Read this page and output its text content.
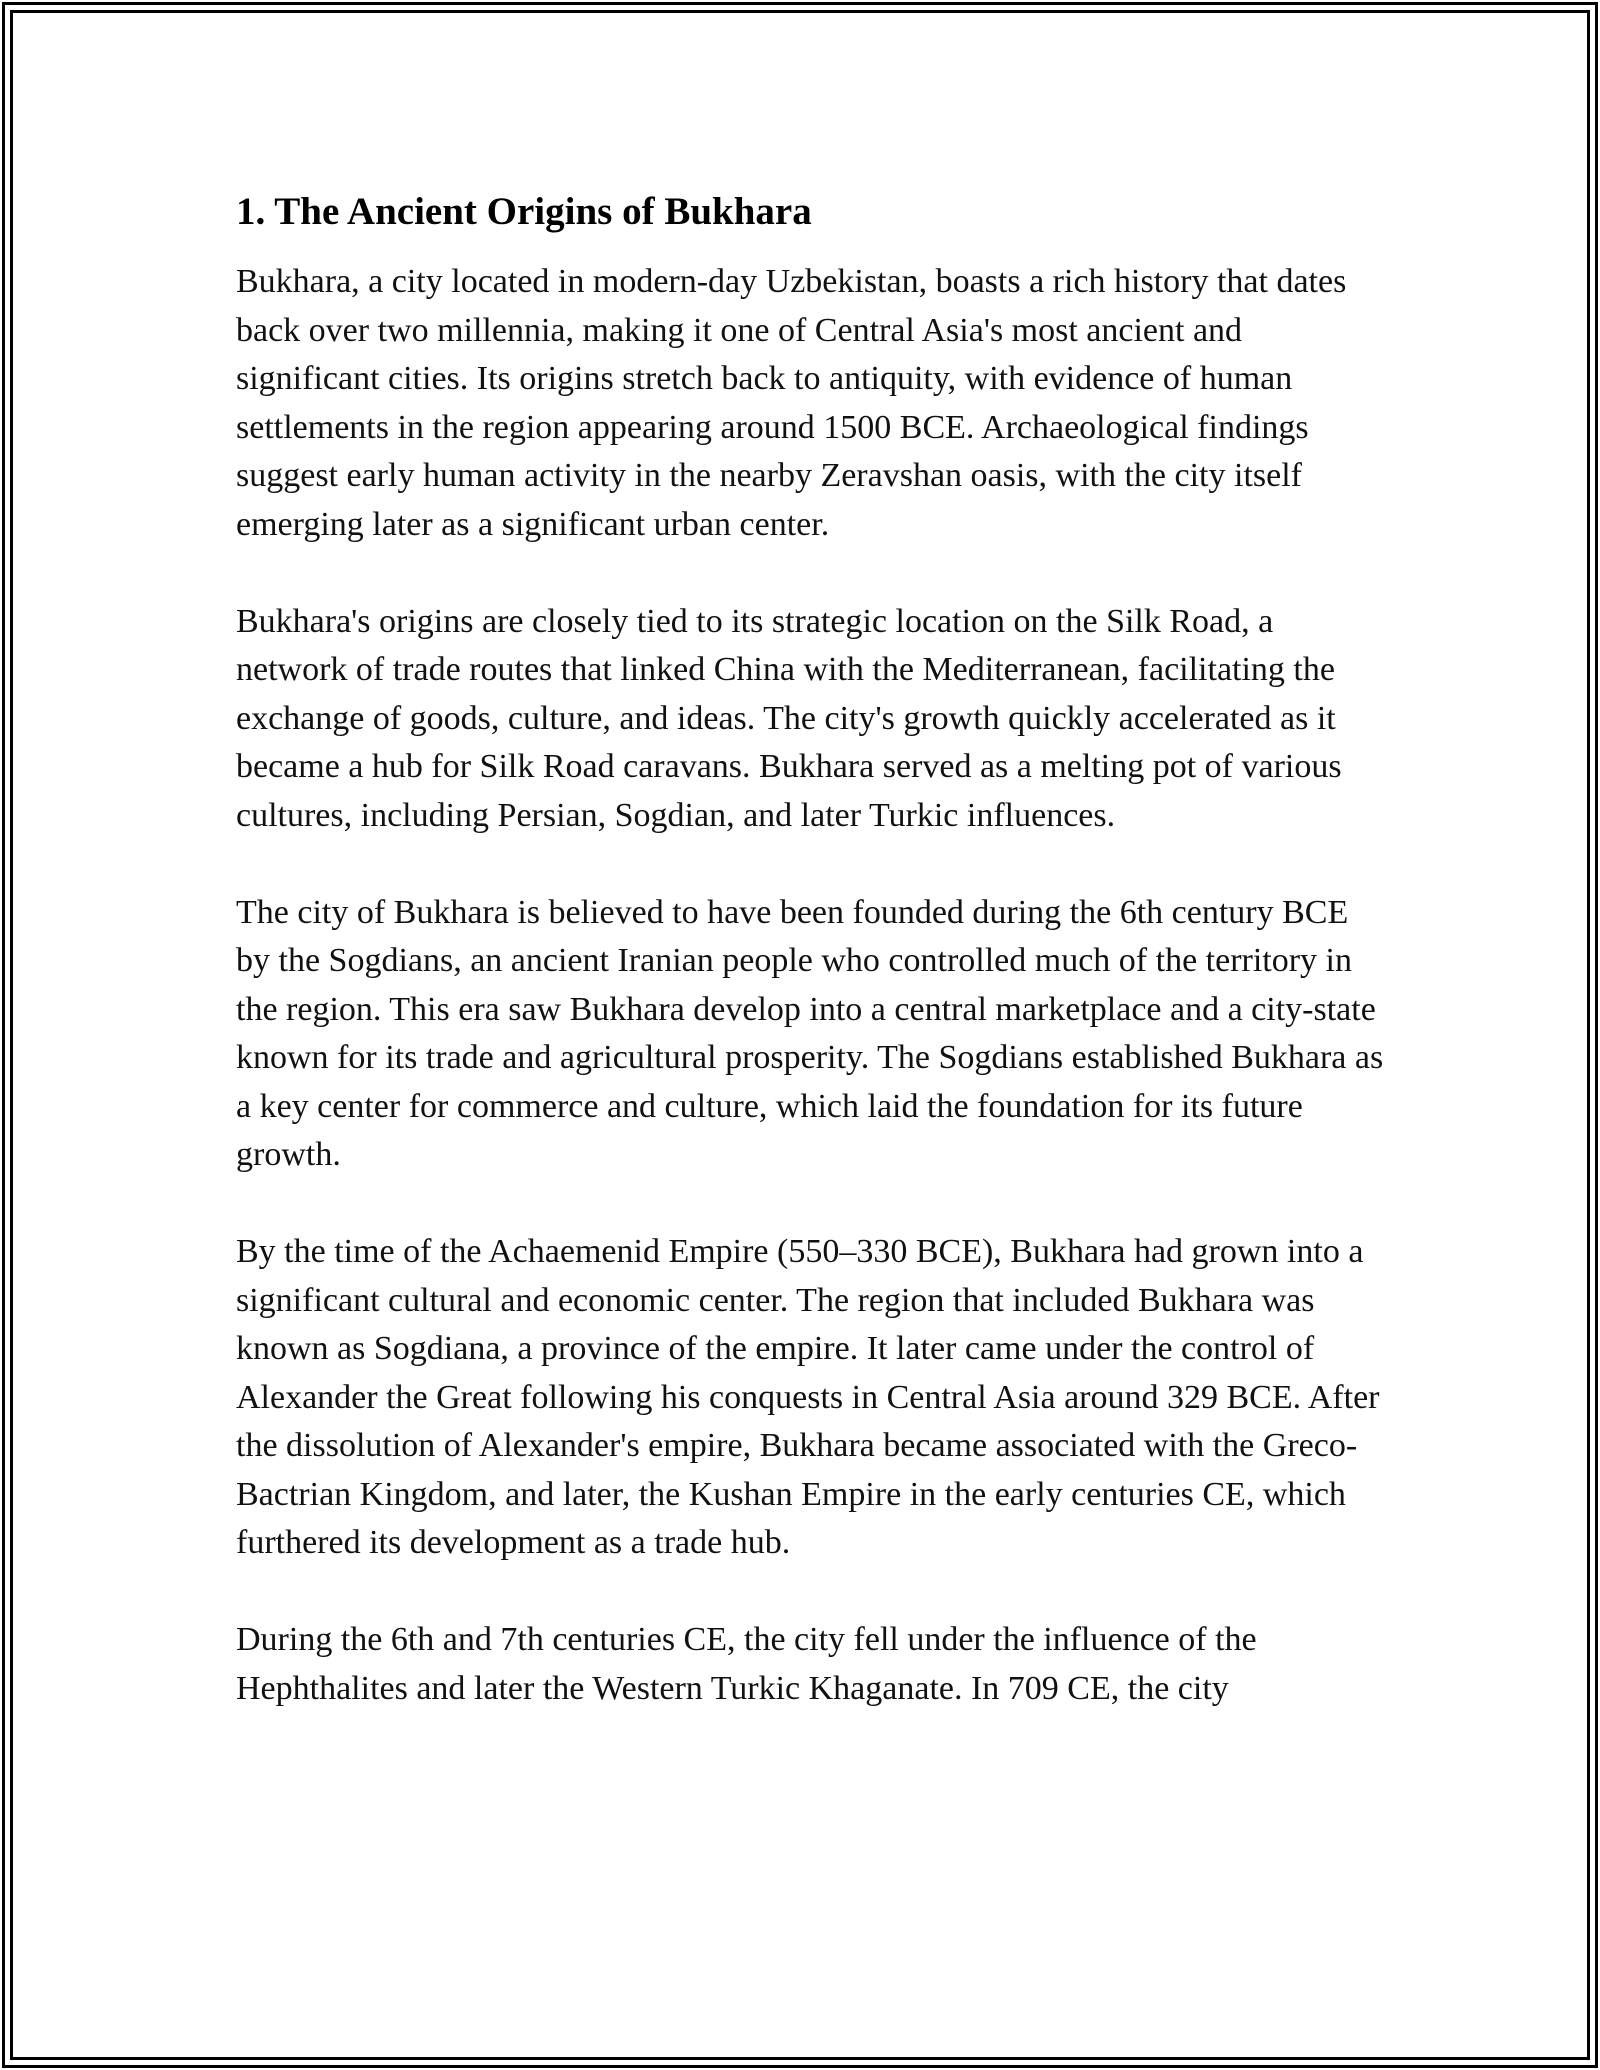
1. The Ancient Origins of Bukhara

Bukhara, a city located in modern-day Uzbekistan, boasts a rich history that dates back over two millennia, making it one of Central Asia's most ancient and significant cities. Its origins stretch back to antiquity, with evidence of human settlements in the region appearing around 1500 BCE. Archaeological findings suggest early human activity in the nearby Zeravshan oasis, with the city itself emerging later as a significant urban center.

Bukhara's origins are closely tied to its strategic location on the Silk Road, a network of trade routes that linked China with the Mediterranean, facilitating the exchange of goods, culture, and ideas. The city's growth quickly accelerated as it became a hub for Silk Road caravans. Bukhara served as a melting pot of various cultures, including Persian, Sogdian, and later Turkic influences.

The city of Bukhara is believed to have been founded during the 6th century BCE by the Sogdians, an ancient Iranian people who controlled much of the territory in the region. This era saw Bukhara develop into a central marketplace and a city-state known for its trade and agricultural prosperity. The Sogdians established Bukhara as a key center for commerce and culture, which laid the foundation for its future growth.

By the time of the Achaemenid Empire (550–330 BCE), Bukhara had grown into a significant cultural and economic center. The region that included Bukhara was known as Sogdiana, a province of the empire. It later came under the control of Alexander the Great following his conquests in Central Asia around 329 BCE. After the dissolution of Alexander's empire, Bukhara became associated with the Greco-Bactrian Kingdom, and later, the Kushan Empire in the early centuries CE, which furthered its development as a trade hub.

During the 6th and 7th centuries CE, the city fell under the influence of the Hephthalites and later the Western Turkic Khaganate. In 709 CE, the city
